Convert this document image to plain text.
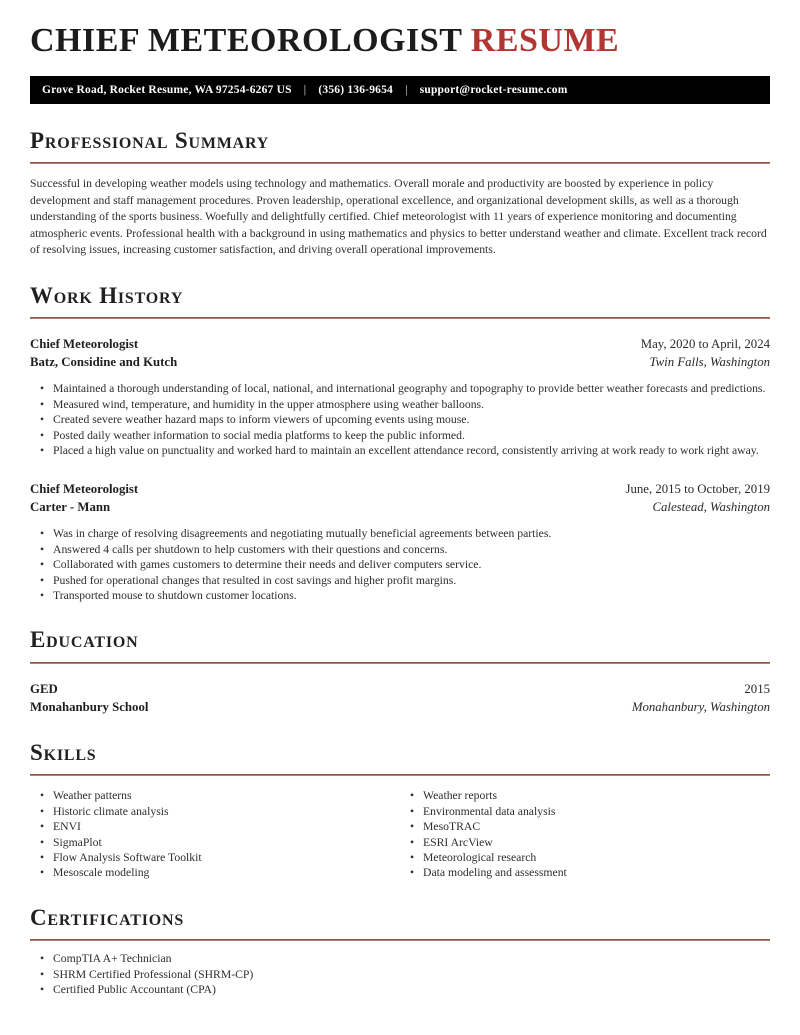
CHIEF METEOROLOGIST RESUME
Grove Road, Rocket Resume, WA 97254-6267 US | (356) 136-9654 | support@rocket-resume.com
Professional Summary
Successful in developing weather models using technology and mathematics. Overall morale and productivity are boosted by experience in policy development and staff management procedures. Proven leadership, operational excellence, and organizational development skills, as well as a thorough understanding of the sports business. Woefully and delightfully certified. Chief meteorologist with 11 years of experience monitoring and documenting atmospheric events. Professional health with a background in using mathematics and physics to better understand weather and climate. Excellent track record of resolving issues, increasing customer satisfaction, and driving overall operational improvements.
Work History
Chief Meteorologist	May, 2020 to April, 2024
Batz, Considine and Kutch	Twin Falls, Washington
• Maintained a thorough understanding of local, national, and international geography and topography to provide better weather forecasts and predictions.
• Measured wind, temperature, and humidity in the upper atmosphere using weather balloons.
• Created severe weather hazard maps to inform viewers of upcoming events using mouse.
• Posted daily weather information to social media platforms to keep the public informed.
• Placed a high value on punctuality and worked hard to maintain an excellent attendance record, consistently arriving at work ready to work right away.
Chief Meteorologist	June, 2015 to October, 2019
Carter - Mann	Calestead, Washington
• Was in charge of resolving disagreements and negotiating mutually beneficial agreements between parties.
• Answered 4 calls per shutdown to help customers with their questions and concerns.
• Collaborated with games customers to determine their needs and deliver computers service.
• Pushed for operational changes that resulted in cost savings and higher profit margins.
• Transported mouse to shutdown customer locations.
Education
GED	2015
Monahanbury School	Monahanbury, Washington
Skills
• Weather patterns
• Historic climate analysis
• ENVI
• SigmaPlot
• Flow Analysis Software Toolkit
• Mesoscale modeling
• Weather reports
• Environmental data analysis
• MesoTRAC
• ESRI ArcView
• Meteorological research
• Data modeling and assessment
Certifications
• CompTIA A+ Technician
• SHRM Certified Professional (SHRM-CP)
• Certified Public Accountant (CPA)
